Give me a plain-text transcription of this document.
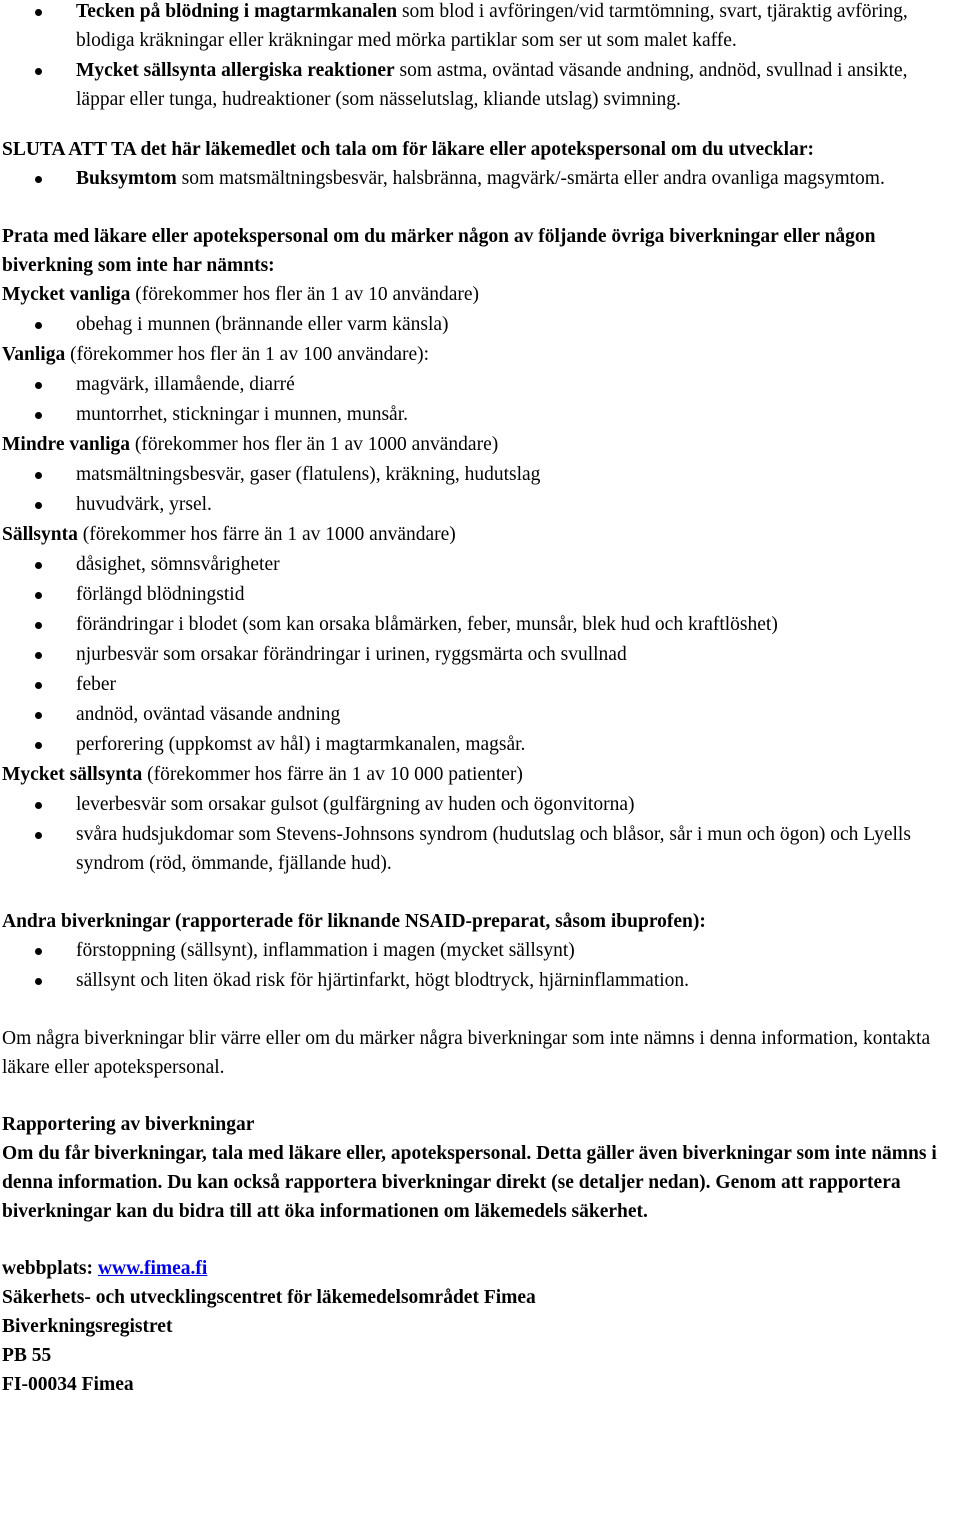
Tecken på blödning i magtarmkanalen som blod i avföringen/vid tarmtömning, svart, tjäraktig avföring, blodiga kräkningar eller kräkningar med mörka partiklar som ser ut som malet kaffe.
Mycket sällsynta allergiska reaktioner som astma, oväntad väsande andning, andnöd, svullnad i ansikte, läppar eller tunga, hudreaktioner (som nässelutslag, kliande utslag) svimning.

SLUTA ATT TA det här läkemedlet och tala om för läkare eller apotekspersonal om du utvecklar:

Buksymtom som matsmältningsbesvär, halsbränna, magvärk/-smärta eller andra ovanliga magsymtom.

Prata med läkare eller apotekspersonal om du märker någon av följande övriga biverkningar eller någon biverkning som inte har nämnts:

Mycket vanliga (förekommer hos fler än 1 av 10 användare)

obehag i munnen (brännande eller varm känsla)

Vanliga (förekommer hos fler än 1 av 100 användare):

magvärk, illamående, diarré
muntorrhet, stickningar i munnen, munsår.

Mindre vanliga (förekommer hos fler än 1 av 1000 användare)

matsmältningsbesvär, gaser (flatulens), kräkning, hudutslag
huvudvärk, yrsel.

Sällsynta (förekommer hos färre än 1 av 1000 användare)

dåsighet, sömnsvårigheter
förlängd blödningstid
förändringar i blodet (som kan orsaka blåmärken, feber, munsår, blek hud och kraftlöshet)
njurbesvär som orsakar förändringar i urinen, ryggsmärta och svullnad
feber
andnöd, oväntad väsande andning
perforering (uppkomst av hål) i magtarmkanalen, magsår.

Mycket sällsynta (förekommer hos färre än 1 av 10 000 patienter)

leverbesvär som orsakar gulsot (gulfärgning av huden och ögonvitorna)
svåra hudsjukdomar som Stevens-Johnsons syndrom (hudutslag och blåsor, sår i mun och ögon) och Lyells syndrom (röd, ömmande, fjällande hud).

Andra biverkningar (rapporterade för liknande NSAID-preparat, såsom ibuprofen):

förstoppning (sällsynt), inflammation i magen (mycket sällsynt)
sällsynt och liten ökad risk för hjärtinfarkt, högt blodtryck, hjärninflammation.

Om några biverkningar blir värre eller om du märker några biverkningar som inte nämns i denna information, kontakta läkare eller apotekspersonal.

Rapportering av biverkningar

Om du får biverkningar, tala med läkare eller, apotekspersonal. Detta gäller även biverkningar som inte nämns i denna information. Du kan också rapportera biverkningar direkt (se detaljer nedan). Genom att rapportera biverkningar kan du bidra till att öka informationen om läkemedels säkerhet.

webbplats: www.fimea.fi

Säkerhets- och utvecklingscentret för läkemedelsområdet Fimea

Biverkningsregistret

PB 55

FI-00034 Fimea
